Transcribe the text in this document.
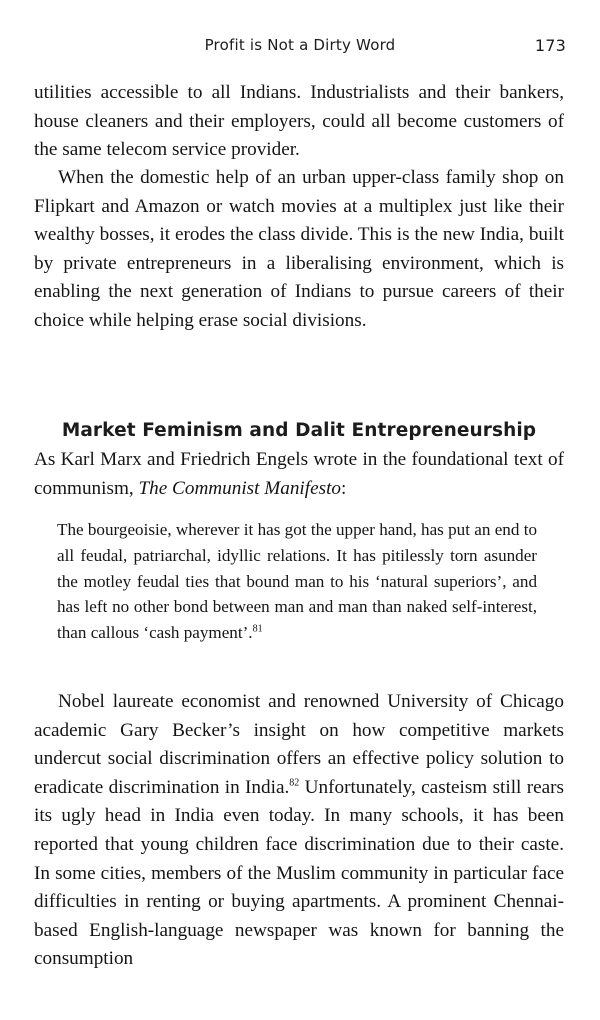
Profit is Not a Dirty Word	173

utilities accessible to all Indians. Industrialists and their bankers, house cleaners and their employers, could all become customers of the same telecom service provider.

When the domestic help of an urban upper-class family shop on Flipkart and Amazon or watch movies at a multiplex just like their wealthy bosses, it erodes the class divide. This is the new India, built by private entrepreneurs in a liberalising environment, which is enabling the next generation of Indians to pursue careers of their choice while helping erase social divisions.

Market Feminism and Dalit Entrepreneurship

As Karl Marx and Friedrich Engels wrote in the foundational text of communism, The Communist Manifesto:

The bourgeoisie, wherever it has got the upper hand, has put an end to all feudal, patriarchal, idyllic relations. It has pitilessly torn asunder the motley feudal ties that bound man to his ‘natural superiors’, and has left no other bond between man and man than naked self-interest, than callous ‘cash payment’.$^{81}$

Nobel laureate economist and renowned University of Chicago academic Gary Becker’s insight on how competitive markets undercut social discrimination offers an effective policy solution to eradicate discrimination in India.$^{82}$ Unfortunately, casteism still rears its ugly head in India even today. In many schools, it has been reported that young children face discrimination due to their caste. In some cities, members of the Muslim community in particular face difficulties in renting or buying apartments. A prominent Chennai-based English-language newspaper was known for banning the consumption
